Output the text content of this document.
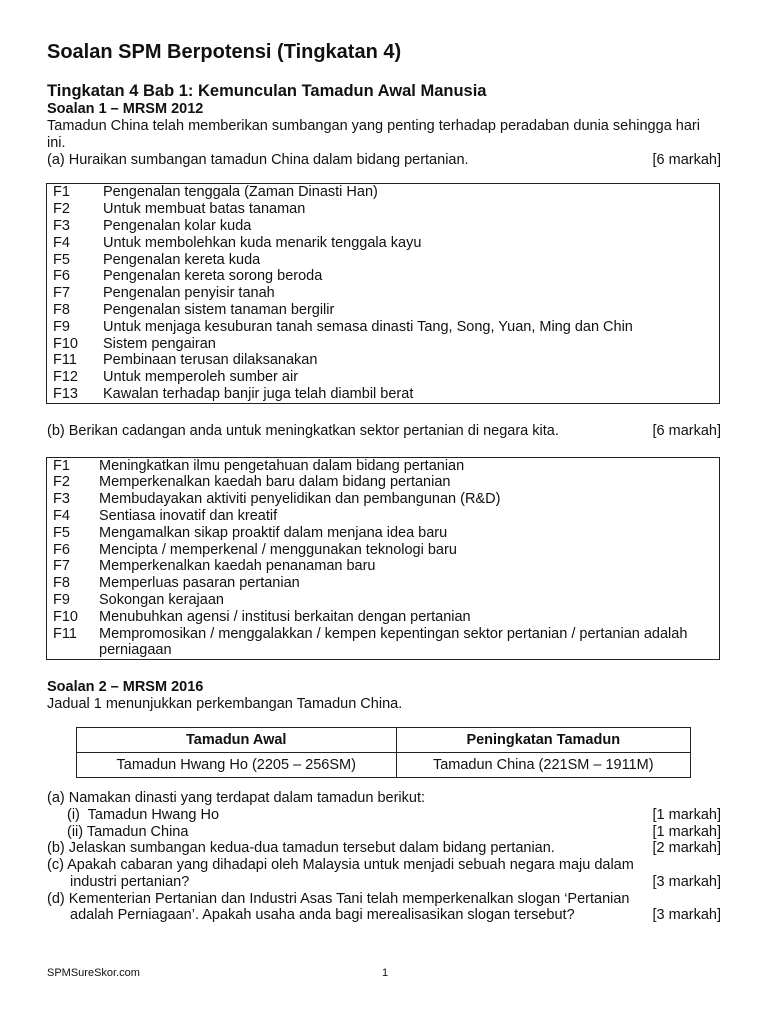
Soalan SPM Berpotensi (Tingkatan 4)
Tingkatan 4 Bab 1: Kemunculan Tamadun Awal Manusia
Soalan 1 – MRSM 2012
Tamadun China telah memberikan sumbangan yang penting terhadap peradaban dunia sehingga hari ini.
(a) Huraikan sumbangan tamadun China dalam bidang pertanian.	[6 markah]
F1	Pengenalan tenggala (Zaman Dinasti Han)
F2	Untuk membuat batas tanaman
F3	Pengenalan kolar kuda
F4	Untuk membolehkan kuda menarik tenggala kayu
F5	Pengenalan kereta kuda
F6	Pengenalan kereta sorong beroda
F7	Pengenalan penyisir tanah
F8	Pengenalan sistem tanaman bergilir
F9	Untuk menjaga kesuburan tanah semasa dinasti Tang, Song, Yuan, Ming dan Chin
F10	Sistem pengairan
F11	Pembinaan terusan dilaksanakan
F12	Untuk memperoleh sumber air
F13	Kawalan terhadap banjir juga telah diambil berat
(b) Berikan cadangan anda untuk meningkatkan sektor pertanian di negara kita.	[6 markah]
F1	Meningkatkan ilmu pengetahuan dalam bidang pertanian
F2	Memperkenalkan kaedah baru dalam bidang pertanian
F3	Membudayakan aktiviti penyelidikan dan pembangunan (R&D)
F4	Sentiasa inovatif dan kreatif
F5	Mengamalkan sikap proaktif dalam menjana idea baru
F6	Mencipta / memperkenal / menggunakan teknologi baru
F7	Memperkenalkan kaedah penanaman baru
F8	Memperluas pasaran pertanian
F9	Sokongan kerajaan
F10	Menubuhkan agensi / institusi berkaitan dengan pertanian
F11	Mempromosikan / menggalakkan / kempen kepentingan sektor pertanian / pertanian adalah perniagaan
Soalan 2 – MRSM 2016
Jadual 1 menunjukkan perkembangan Tamadun China.
Tamadun Awal	Peningkatan Tamadun
Tamadun Hwang Ho (2205 – 256SM)	Tamadun China (221SM – 1911M)
(a) Namakan dinasti yang terdapat dalam tamadun berikut:
(i)  Tamadun Hwang Ho	[1 markah]
(ii) Tamadun China	[1 markah]
(b) Jelaskan sumbangan kedua-dua tamadun tersebut dalam bidang pertanian.	[2 markah]
(c) Apakah cabaran yang dihadapi oleh Malaysia untuk menjadi sebuah negara maju dalam
industri pertanian?	[3 markah]
(d) Kementerian Pertanian dan Industri Asas Tani telah memperkenalkan slogan ‘Pertanian
adalah Perniagaan’. Apakah usaha anda bagi merealisasikan slogan tersebut?	[3 markah]
SPMSureSkor.com	1
